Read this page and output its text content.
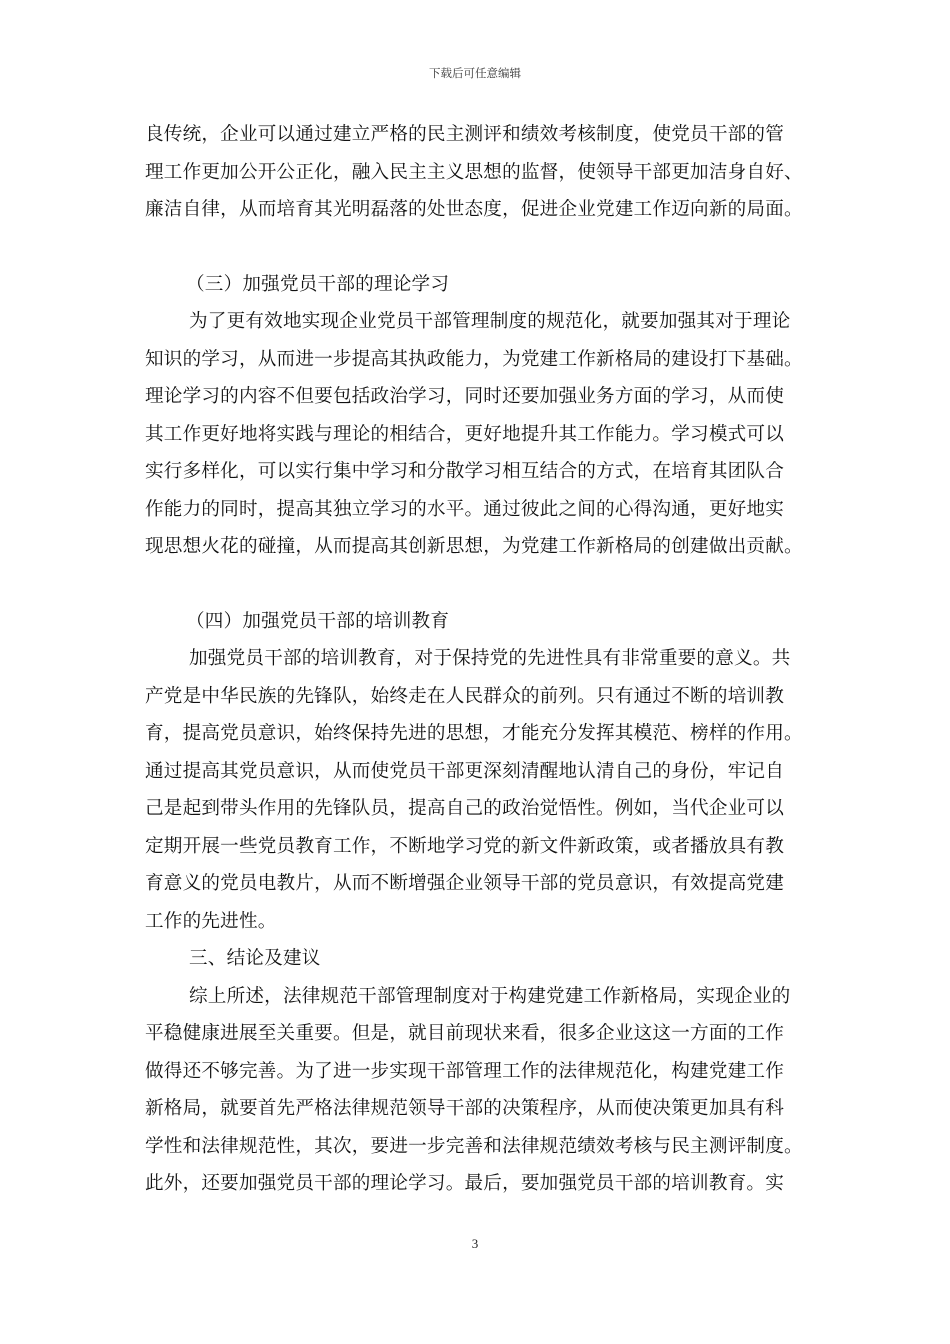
下载后可任意编辑
良传统，企业可以通过建立严格的民主测评和绩效考核制度，使党员干部的管
理工作更加公开公正化，融入民主主义思想的监督，使领导干部更加洁身自好、
廉洁自律，从而培育其光明磊落的处世态度，促进企业党建工作迈向新的局面。
（三）加强党员干部的理论学习
为了更有效地实现企业党员干部管理制度的规范化，就要加强其对于理论
知识的学习，从而进一步提高其执政能力，为党建工作新格局的建设打下基础。
理论学习的内容不但要包括政治学习，同时还要加强业务方面的学习，从而使
其工作更好地将实践与理论的相结合，更好地提升其工作能力。学习模式可以
实行多样化，可以实行集中学习和分散学习相互结合的方式，在培育其团队合
作能力的同时，提高其独立学习的水平。通过彼此之间的心得沟通，更好地实
现思想火花的碰撞，从而提高其创新思想，为党建工作新格局的创建做出贡献。
（四）加强党员干部的培训教育
加强党员干部的培训教育，对于保持党的先进性具有非常重要的意义。共
产党是中华民族的先锋队，始终走在人民群众的前列。只有通过不断的培训教
育，提高党员意识，始终保持先进的思想，才能充分发挥其模范、榜样的作用。
通过提高其党员意识，从而使党员干部更深刻清醒地认清自己的身份，牢记自
己是起到带头作用的先锋队员，提高自己的政治觉悟性。例如，当代企业可以
定期开展一些党员教育工作，不断地学习党的新文件新政策，或者播放具有教
育意义的党员电教片，从而不断增强企业领导干部的党员意识，有效提高党建
工作的先进性。
三、结论及建议
综上所述，法律规范干部管理制度对于构建党建工作新格局，实现企业的
平稳健康进展至关重要。但是，就目前现状来看，很多企业这这一方面的工作
做得还不够完善。为了进一步实现干部管理工作的法律规范化，构建党建工作
新格局，就要首先严格法律规范领导干部的决策程序，从而使决策更加具有科
学性和法律规范性，其次，要进一步完善和法律规范绩效考核与民主测评制度。
此外，还要加强党员干部的理论学习。最后，要加强党员干部的培训教育。实
3
